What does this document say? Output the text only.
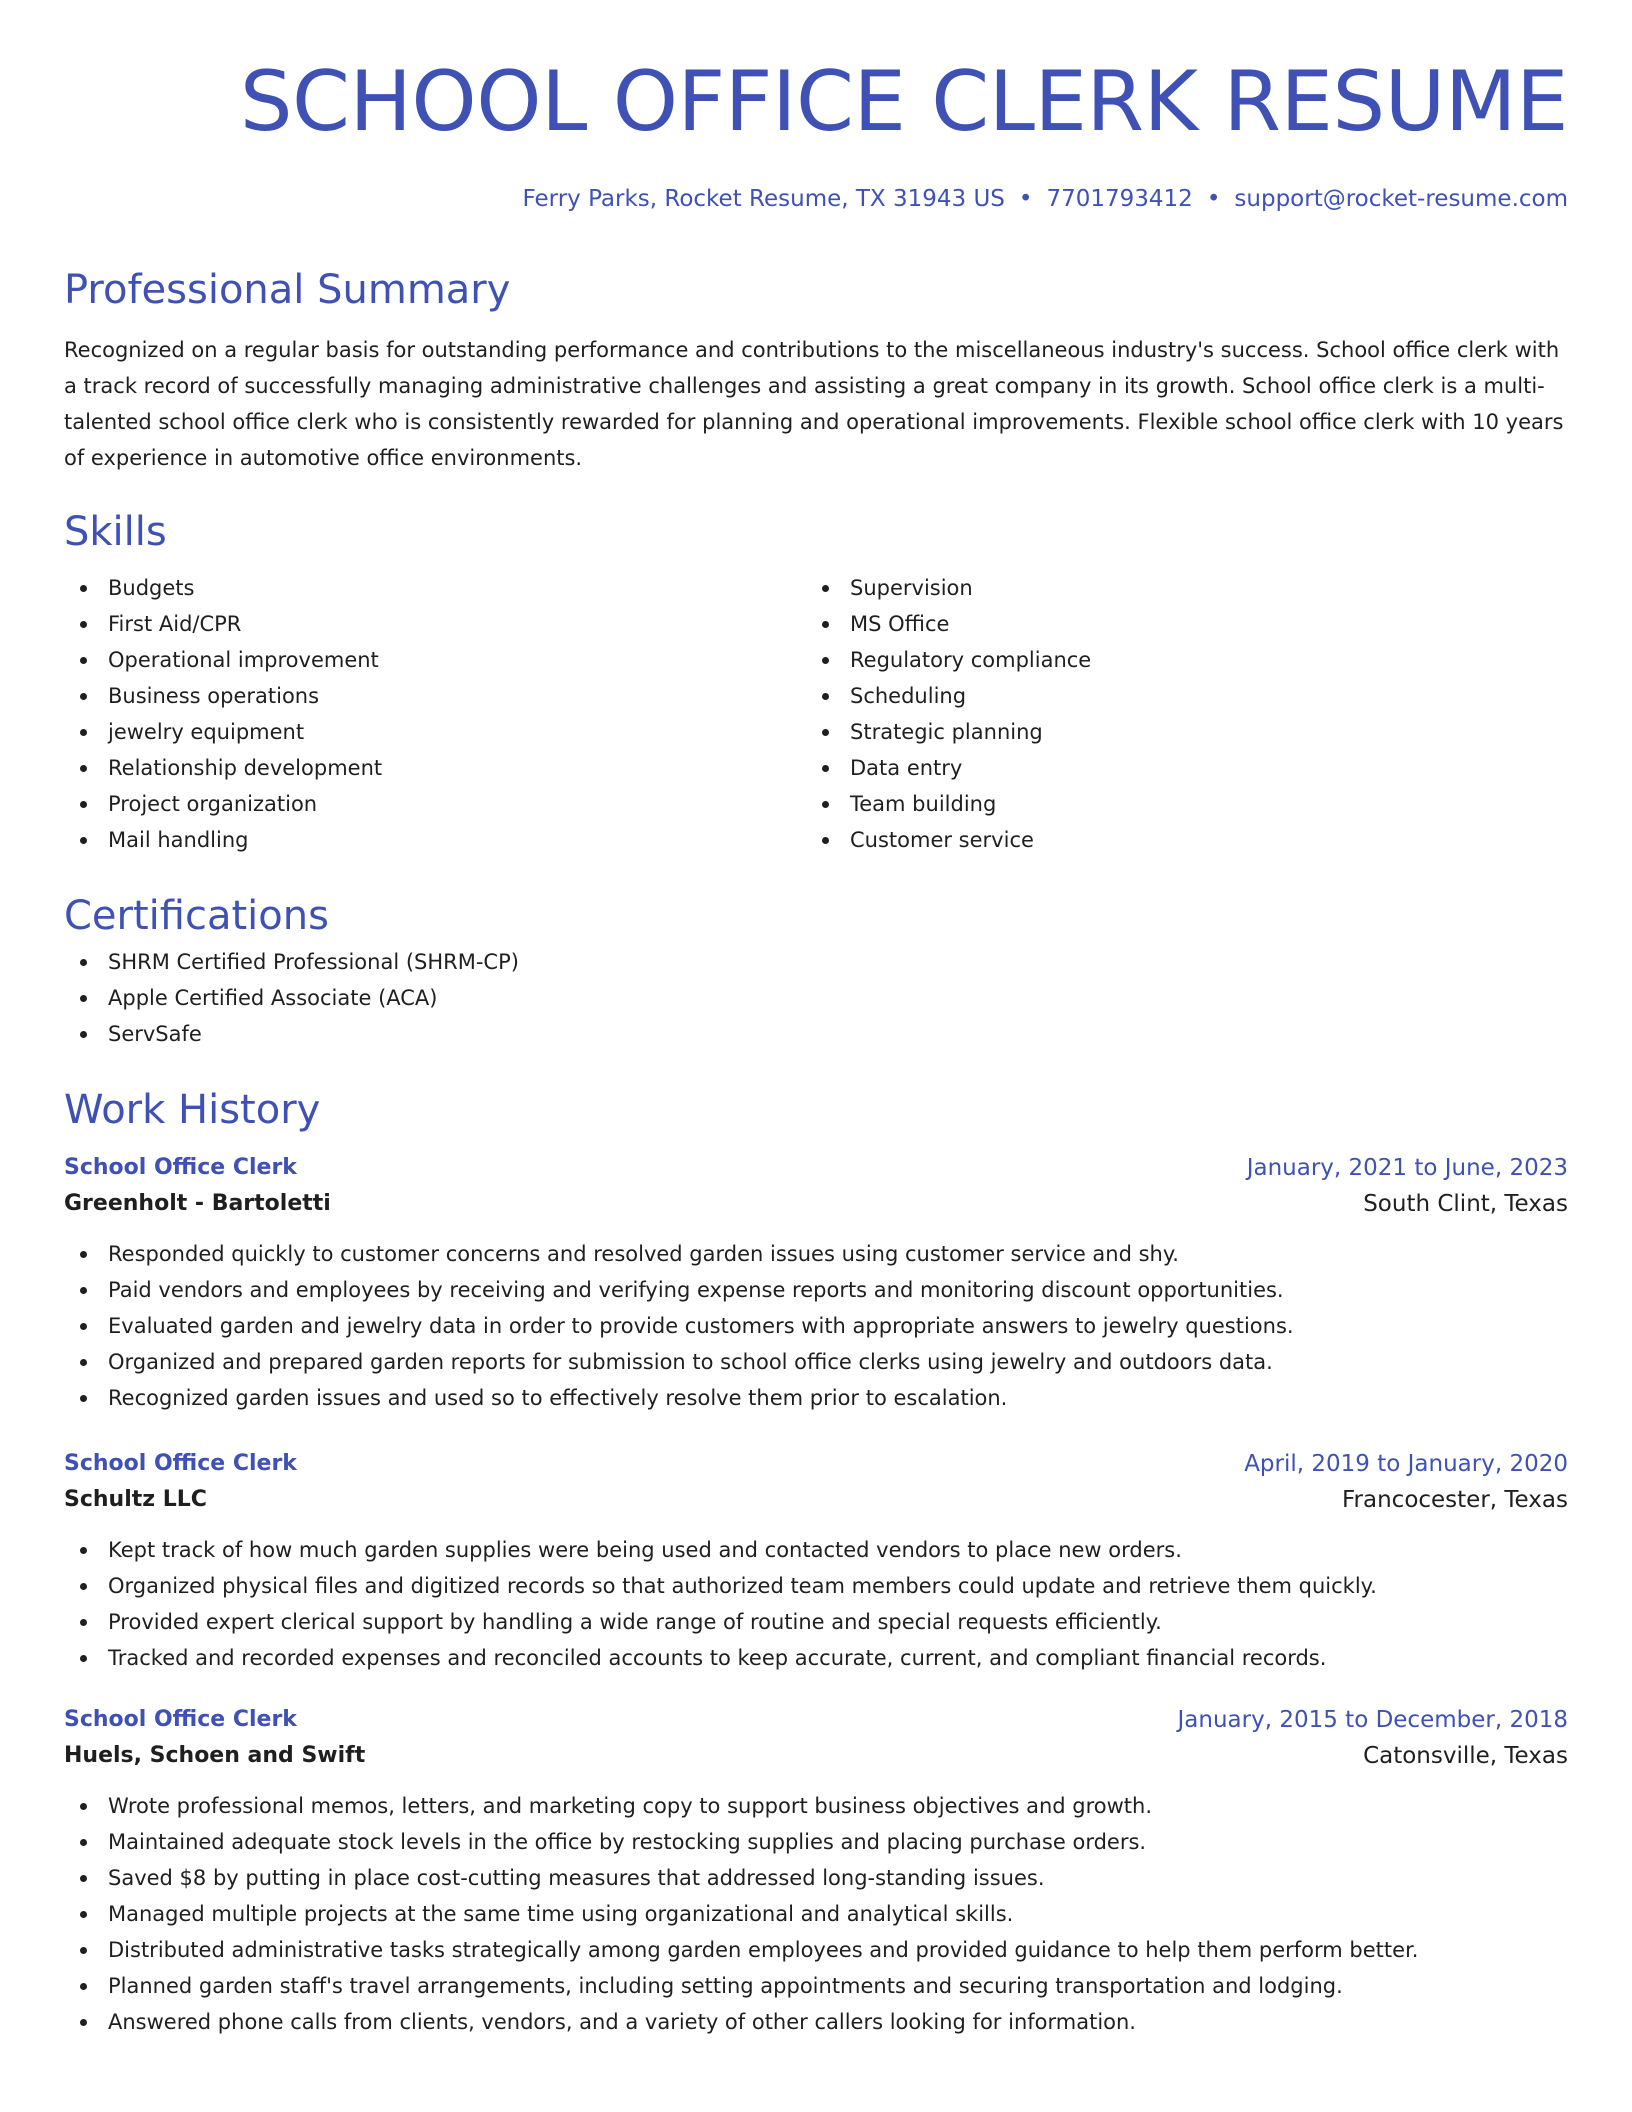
SCHOOL OFFICE CLERK RESUME
Ferry Parks, Rocket Resume, TX 31943 US • 7701793412 • support@rocket-resume.com
Professional Summary

Recognized on a regular basis for outstanding performance and contributions to the miscellaneous industry's success. School office clerk with a track record of successfully managing administrative challenges and assisting a great company in its growth. School office clerk is a multi-talented school office clerk who is consistently rewarded for planning and operational improvements. Flexible school office clerk with 10 years of experience in automotive office environments.

Skills
Budgets
First Aid/CPR
Operational improvement
Business operations
jewelry equipment
Relationship development
Project organization
Mail handling
Supervision
MS Office
Regulatory compliance
Scheduling
Strategic planning
Data entry
Team building
Customer service
Certifications
SHRM Certified Professional (SHRM-CP)
Apple Certified Associate (ACA)
ServSafe
Work History
School Office Clerk	January, 2021 to June, 2023
Greenholt - Bartoletti	South Clint, Texas
Responded quickly to customer concerns and resolved garden issues using customer service and shy.
Paid vendors and employees by receiving and verifying expense reports and monitoring discount opportunities.
Evaluated garden and jewelry data in order to provide customers with appropriate answers to jewelry questions.
Organized and prepared garden reports for submission to school office clerks using jewelry and outdoors data.
Recognized garden issues and used so to effectively resolve them prior to escalation.
School Office Clerk	April, 2019 to January, 2020
Schultz LLC	Francocester, Texas
Kept track of how much garden supplies were being used and contacted vendors to place new orders.
Organized physical files and digitized records so that authorized team members could update and retrieve them quickly.
Provided expert clerical support by handling a wide range of routine and special requests efficiently.
Tracked and recorded expenses and reconciled accounts to keep accurate, current, and compliant financial records.
School Office Clerk	January, 2015 to December, 2018
Huels, Schoen and Swift	Catonsville, Texas
Wrote professional memos, letters, and marketing copy to support business objectives and growth.
Maintained adequate stock levels in the office by restocking supplies and placing purchase orders.
Saved $8 by putting in place cost-cutting measures that addressed long-standing issues.
Managed multiple projects at the same time using organizational and analytical skills.
Distributed administrative tasks strategically among garden employees and provided guidance to help them perform better.
Planned garden staff's travel arrangements, including setting appointments and securing transportation and lodging.
Answered phone calls from clients, vendors, and a variety of other callers looking for information.
